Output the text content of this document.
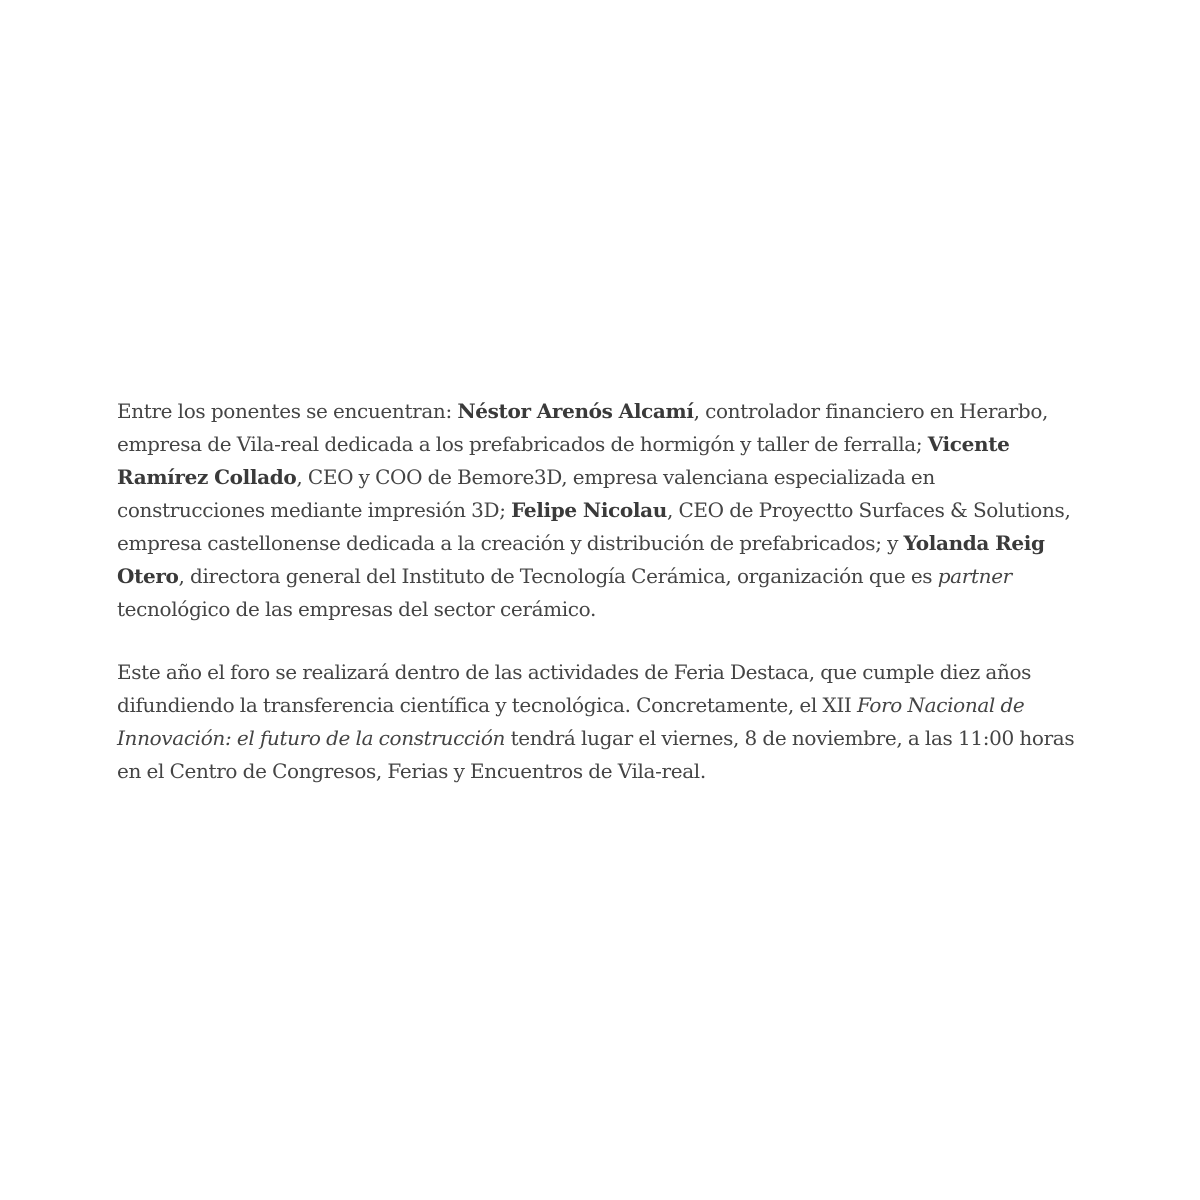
Entre los ponentes se encuentran: Néstor Arenós Alcamí, controlador financiero en Herarbo, empresa de Vila-real dedicada a los prefabricados de hormigón y taller de ferralla; Vicente Ramírez Collado, CEO y COO de Bemore3D, empresa valenciana especializada en construcciones mediante impresión 3D; Felipe Nicolau, CEO de Proyectto Surfaces & Solutions, empresa castellonense dedicada a la creación y distribución de prefabricados; y Yolanda Reig Otero, directora general del Instituto de Tecnología Cerámica, organización que es partner tecnológico de las empresas del sector cerámico.

Este año el foro se realizará dentro de las actividades de Feria Destaca, que cumple diez años difundiendo la transferencia científica y tecnológica. Concretamente, el XII Foro Nacional de Innovación: el futuro de la construcción tendrá lugar el viernes, 8 de noviembre, a las 11:00 horas en el Centro de Congresos, Ferias y Encuentros de Vila-real.
